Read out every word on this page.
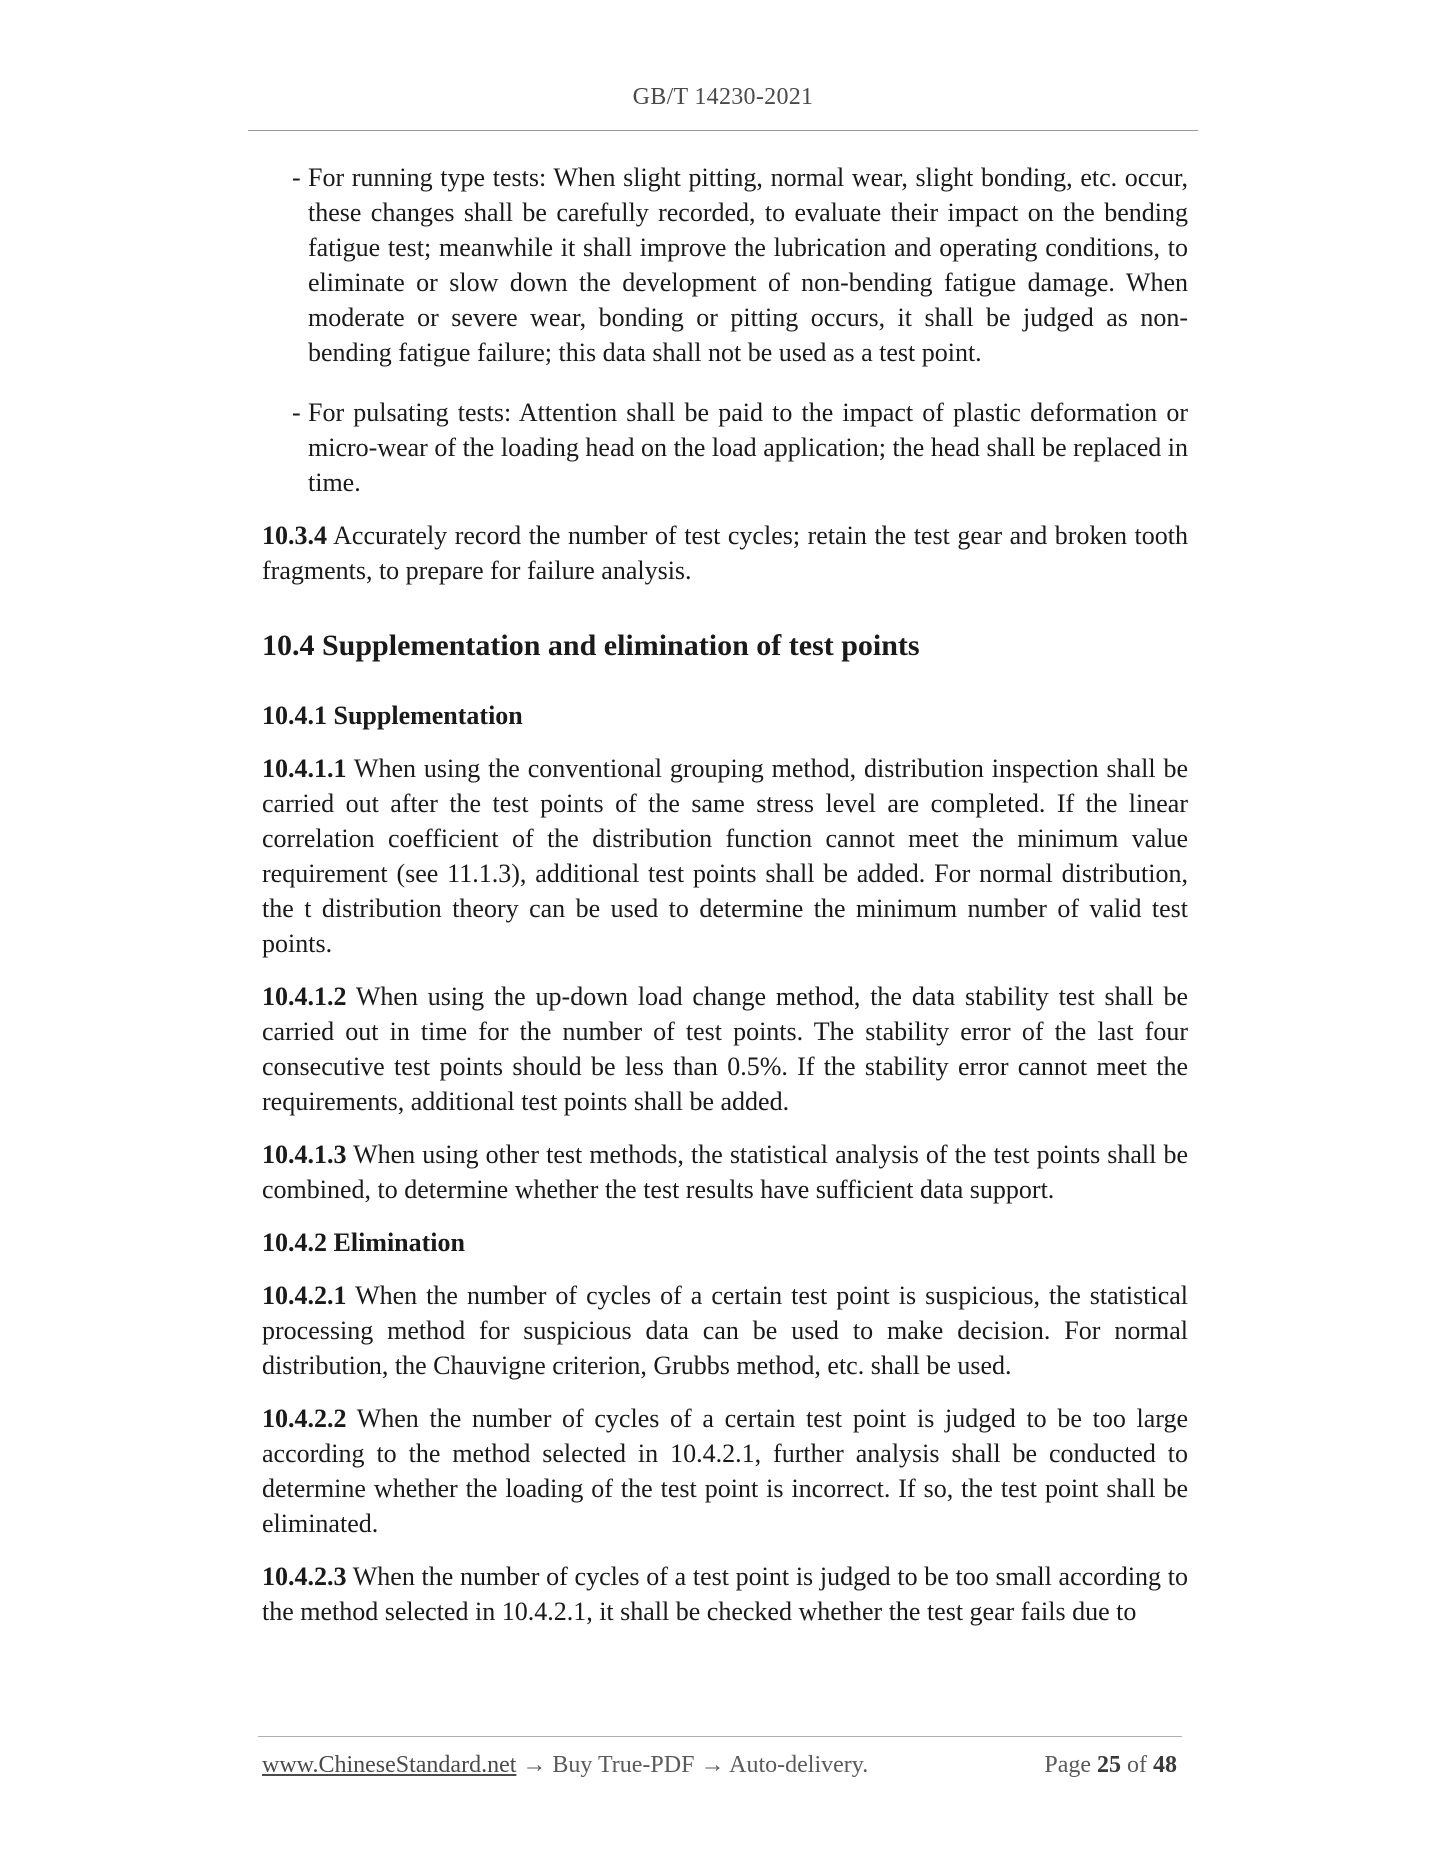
GB/T 14230-2021

- For running type tests: When slight pitting, normal wear, slight bonding, etc. occur, these changes shall be carefully recorded, to evaluate their impact on the bending fatigue test; meanwhile it shall improve the lubrication and operating conditions, to eliminate or slow down the development of non-bending fatigue damage. When moderate or severe wear, bonding or pitting occurs, it shall be judged as non-bending fatigue failure; this data shall not be used as a test point.

- For pulsating tests: Attention shall be paid to the impact of plastic deformation or micro-wear of the loading head on the load application; the head shall be replaced in time.

10.3.4 Accurately record the number of test cycles; retain the test gear and broken tooth fragments, to prepare for failure analysis.

10.4 Supplementation and elimination of test points
10.4.1 Supplementation

10.4.1.1 When using the conventional grouping method, distribution inspection shall be carried out after the test points of the same stress level are completed. If the linear correlation coefficient of the distribution function cannot meet the minimum value requirement (see 11.1.3), additional test points shall be added. For normal distribution, the t distribution theory can be used to determine the minimum number of valid test points.

10.4.1.2 When using the up-down load change method, the data stability test shall be carried out in time for the number of test points. The stability error of the last four consecutive test points should be less than 0.5%. If the stability error cannot meet the requirements, additional test points shall be added.

10.4.1.3 When using other test methods, the statistical analysis of the test points shall be combined, to determine whether the test results have sufficient data support.

10.4.2 Elimination

10.4.2.1 When the number of cycles of a certain test point is suspicious, the statistical processing method for suspicious data can be used to make decision. For normal distribution, the Chauvigne criterion, Grubbs method, etc. shall be used.

10.4.2.2 When the number of cycles of a certain test point is judged to be too large according to the method selected in 10.4.2.1, further analysis shall be conducted to determine whether the loading of the test point is incorrect. If so, the test point shall be eliminated.

10.4.2.3 When the number of cycles of a test point is judged to be too small according to the method selected in 10.4.2.1, it shall be checked whether the test gear fails due to

www.ChineseStandard.net → Buy True-PDF → Auto-delivery.	Page 25 of 48
